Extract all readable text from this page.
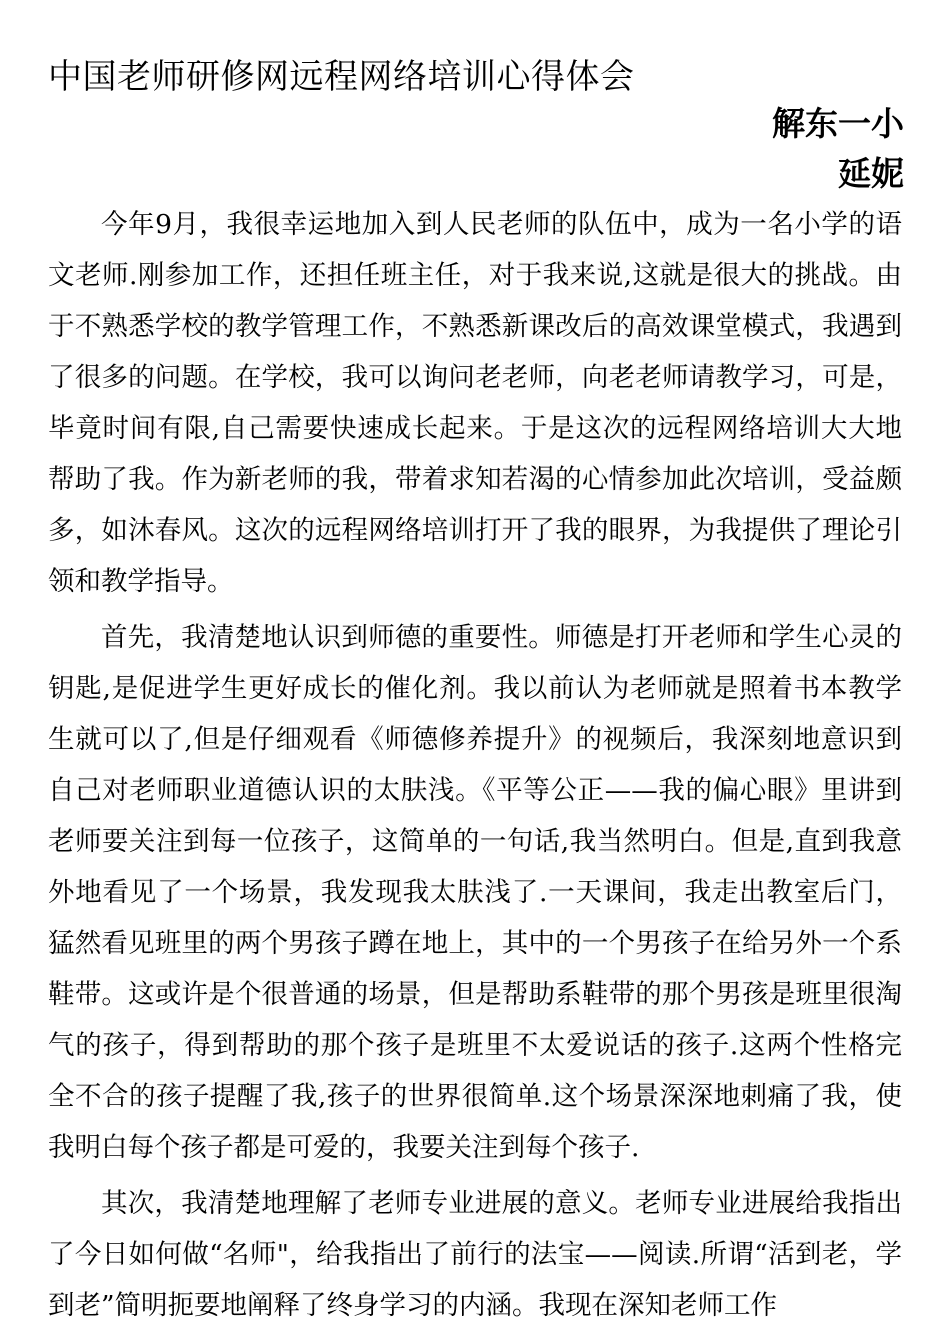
中国老师研修网远程网络培训心得体会

解东一小

延妮

今年9月，我很幸运地加入到人民老师的队伍中，成为一名小学的语文老师.刚参加工作，还担任班主任，对于我来说,这就是很大的挑战。由于不熟悉学校的教学管理工作，不熟悉新课改后的高效课堂模式，我遇到了很多的问题。在学校，我可以询问老老师，向老老师请教学习，可是，毕竟时间有限,自己需要快速成长起来。于是这次的远程网络培训大大地帮助了我。作为新老师的我，带着求知若渴的心情参加此次培训，受益颇多，如沐春风。这次的远程网络培训打开了我的眼界，为我提供了理论引领和教学指导。

首先，我清楚地认识到师德的重要性。师德是打开老师和学生心灵的钥匙,是促进学生更好成长的催化剂。我以前认为老师就是照着书本教学生就可以了,但是仔细观看《师德修养提升》的视频后，我深刻地意识到自己对老师职业道德认识的太肤浅。《平等公正——我的偏心眼》里讲到老师要关注到每一位孩子，这简单的一句话,我当然明白。但是,直到我意外地看见了一个场景，我发现我太肤浅了.一天课间，我走出教室后门，猛然看见班里的两个男孩子蹲在地上，其中的一个男孩子在给另外一个系鞋带。这或许是个很普通的场景，但是帮助系鞋带的那个男孩是班里很淘气的孩子，得到帮助的那个孩子是班里不太爱说话的孩子.这两个性格完全不合的孩子提醒了我,孩子的世界很简单.这个场景深深地刺痛了我，使我明白每个孩子都是可爱的，我要关注到每个孩子.

其次，我清楚地理解了老师专业进展的意义。老师专业进展给我指出了今日如何做“名师"，给我指出了前行的法宝——阅读.所谓“活到老，学到老”简明扼要地阐释了终身学习的内涵。我现在深知老师工作
